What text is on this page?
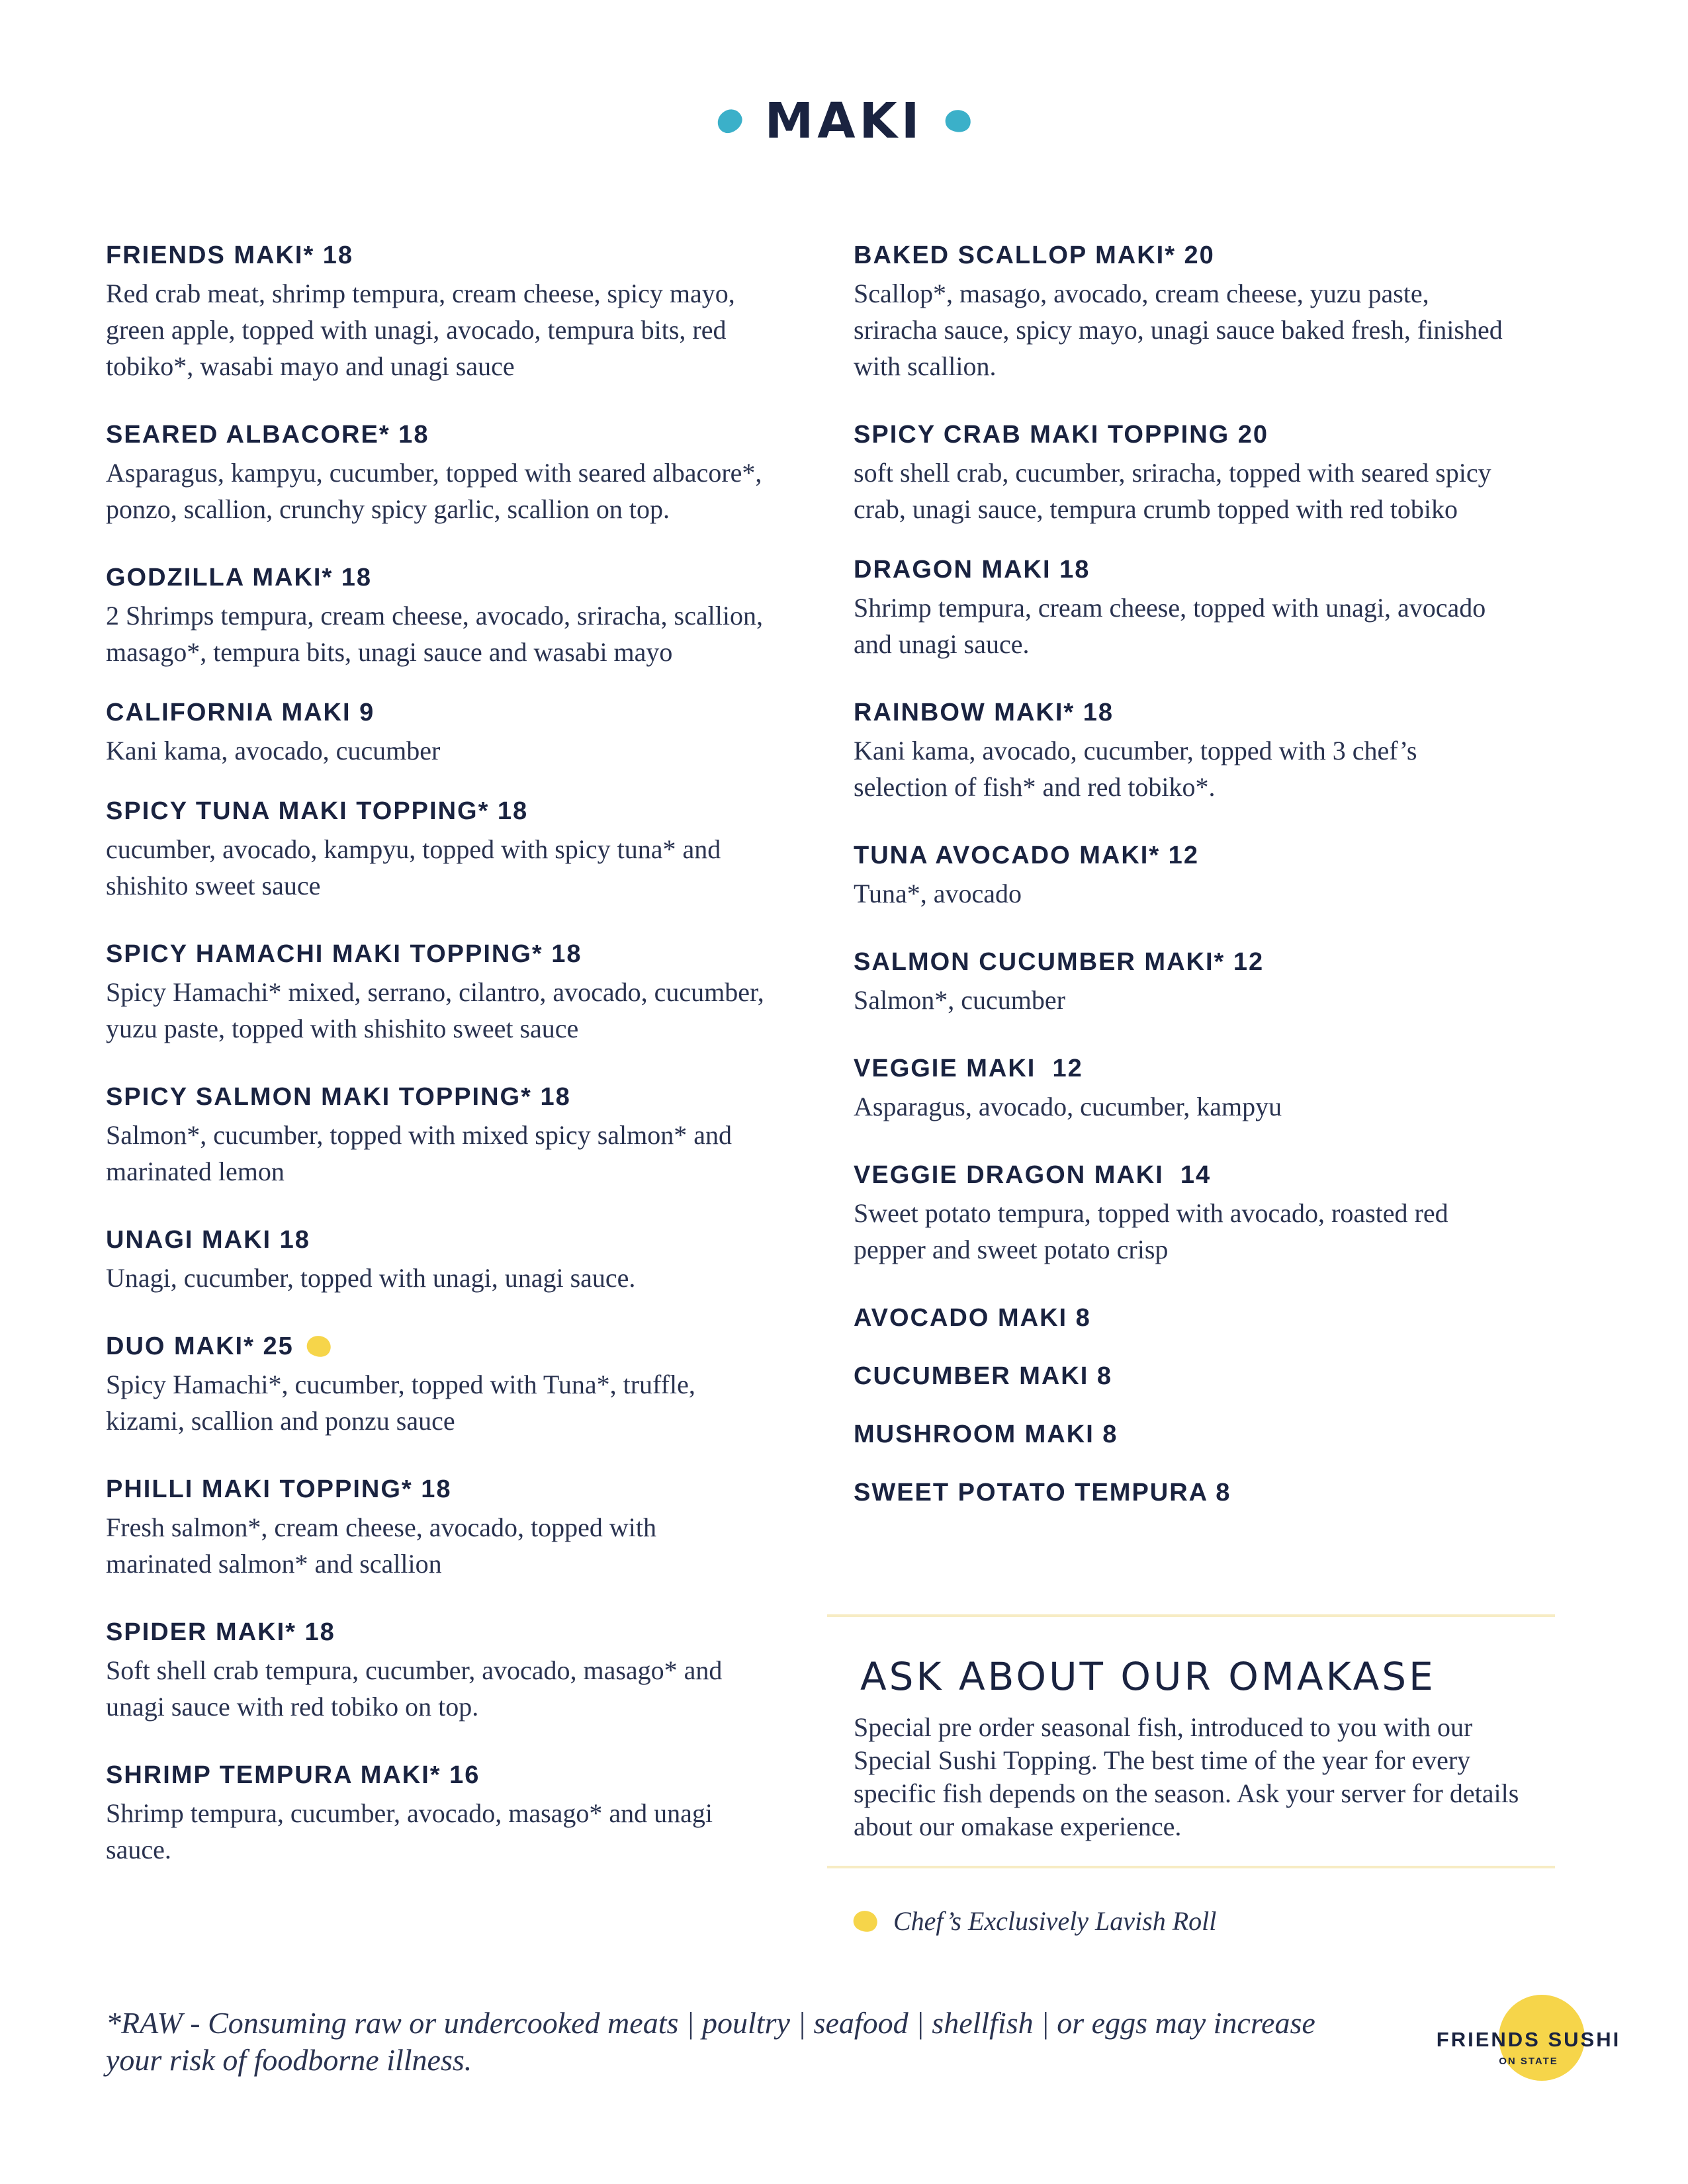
MAKI
FRIENDS MAKI* 18
Red crab meat, shrimp tempura, cream cheese, spicy mayo, green apple, topped with unagi, avocado, tempura bits, red tobiko*, wasabi mayo and unagi sauce
SEARED ALBACORE* 18
Asparagus, kampyu, cucumber, topped with seared albacore*, ponzo, scallion, crunchy spicy garlic, scallion on top.
GODZILLA MAKI* 18
2 Shrimps tempura, cream cheese, avocado, sriracha, scallion, masago*, tempura bits, unagi sauce and wasabi mayo
CALIFORNIA MAKI 9
Kani kama, avocado, cucumber
SPICY TUNA MAKI TOPPING* 18
cucumber, avocado, kampyu, topped with spicy tuna* and shishito sweet sauce
SPICY HAMACHI MAKI TOPPING* 18
Spicy Hamachi* mixed, serrano, cilantro, avocado, cucumber, yuzu paste, topped with shishito sweet sauce
SPICY SALMON MAKI TOPPING* 18
Salmon*, cucumber, topped with mixed spicy salmon* and marinated lemon
UNAGI MAKI 18
Unagi, cucumber, topped with unagi, unagi sauce.
DUO MAKI* 25
Spicy Hamachi*, cucumber, topped with Tuna*, truffle, kizami, scallion and ponzu sauce
PHILLI MAKI TOPPING* 18
Fresh salmon*, cream cheese, avocado, topped with marinated salmon* and scallion
SPIDER MAKI* 18
Soft shell crab tempura, cucumber, avocado, masago* and unagi sauce with red tobiko on top.
SHRIMP TEMPURA MAKI* 16
Shrimp tempura, cucumber, avocado, masago* and unagi sauce.
BAKED SCALLOP MAKI* 20
Scallop*, masago, avocado, cream cheese, yuzu paste, sriracha sauce, spicy mayo, unagi sauce baked fresh, finished with scallion.
SPICY CRAB MAKI TOPPING 20
soft shell crab, cucumber, sriracha, topped with seared spicy crab, unagi sauce, tempura crumb topped with red tobiko
DRAGON MAKI 18
Shrimp tempura, cream cheese, topped with unagi, avocado and unagi sauce.
RAINBOW MAKI* 18
Kani kama, avocado, cucumber, topped with 3 chef’s selection of fish* and red tobiko*.
TUNA AVOCADO MAKI* 12
Tuna*, avocado
SALMON CUCUMBER MAKI* 12
Salmon*, cucumber
VEGGIE MAKI  12
Asparagus, avocado, cucumber, kampyu
VEGGIE DRAGON MAKI  14
Sweet potato tempura, topped with avocado, roasted red pepper and sweet potato crisp
AVOCADO MAKI 8
CUCUMBER MAKI 8
MUSHROOM MAKI 8
SWEET POTATO TEMPURA 8
ASK ABOUT OUR OMAKASE

Special pre order seasonal fish, introduced to you with our Special Sushi Topping. The best time of the year for every specific fish depends on the season. Ask your server for details about our omakase experience.

Chef’s Exclusively Lavish Roll
*RAW - Consuming raw or undercooked meats | poultry | seafood | shellfish | or eggs may increase your risk of foodborne illness.
FRIENDS SUSHI
ON STATE
